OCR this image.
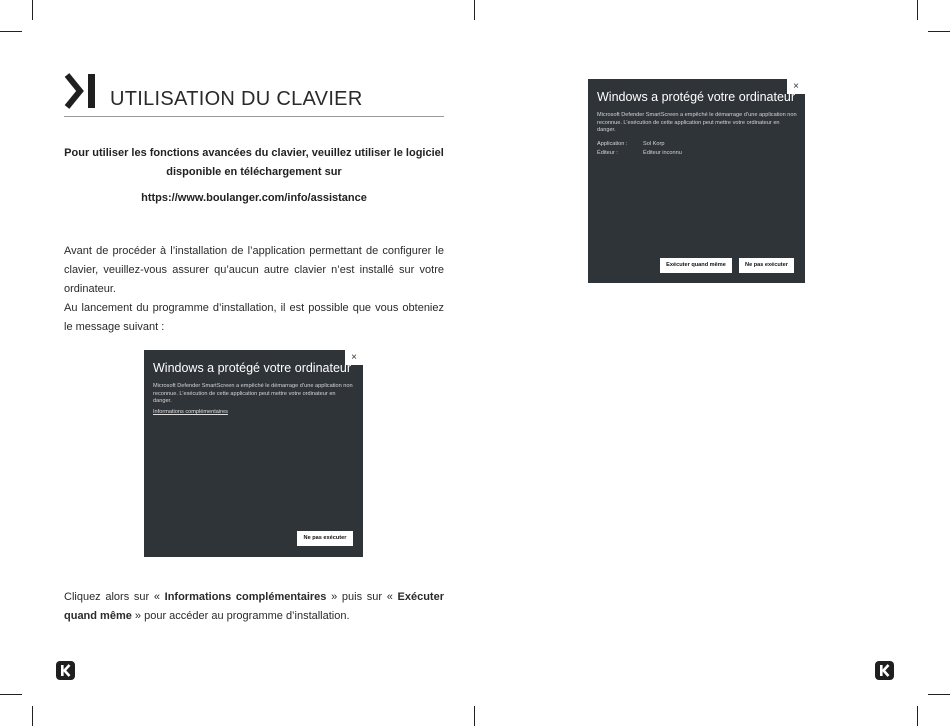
UTILISATION DU CLAVIER
Pour utiliser les fonctions avancées du clavier, veuillez utiliser le logiciel disponible en téléchargement sur
https://www.boulanger.com/info/assistance

Avant de procéder à l’installation de l’application permettant de configurer le clavier, veuillez-vous assurer qu’aucun autre clavier n’est installé sur votre ordinateur.

Au lancement du programme d’installation, il est possible que vous obteniez le message suivant :

×
Windows a protégé votre ordinateur
Microsoft Defender SmartScreen a empêché le démarrage d’une application non reconnue. L’exécution de cette application peut mettre votre ordinateur en danger.
Informations complémentaires
Ne pas exécuter

Cliquez alors sur « Informations complémentaires » puis sur « Exécuter quand même » pour accéder au programme d’installation.

×
Windows a protégé votre ordinateur
Microsoft Defender SmartScreen a empêché le démarrage d’une application non reconnue. L’exécution de cette application peut mettre votre ordinateur en danger.
Application :	Sol Korp
Éditeur :	Éditeur inconnu
Exécuter quand même	Ne pas exécuter
